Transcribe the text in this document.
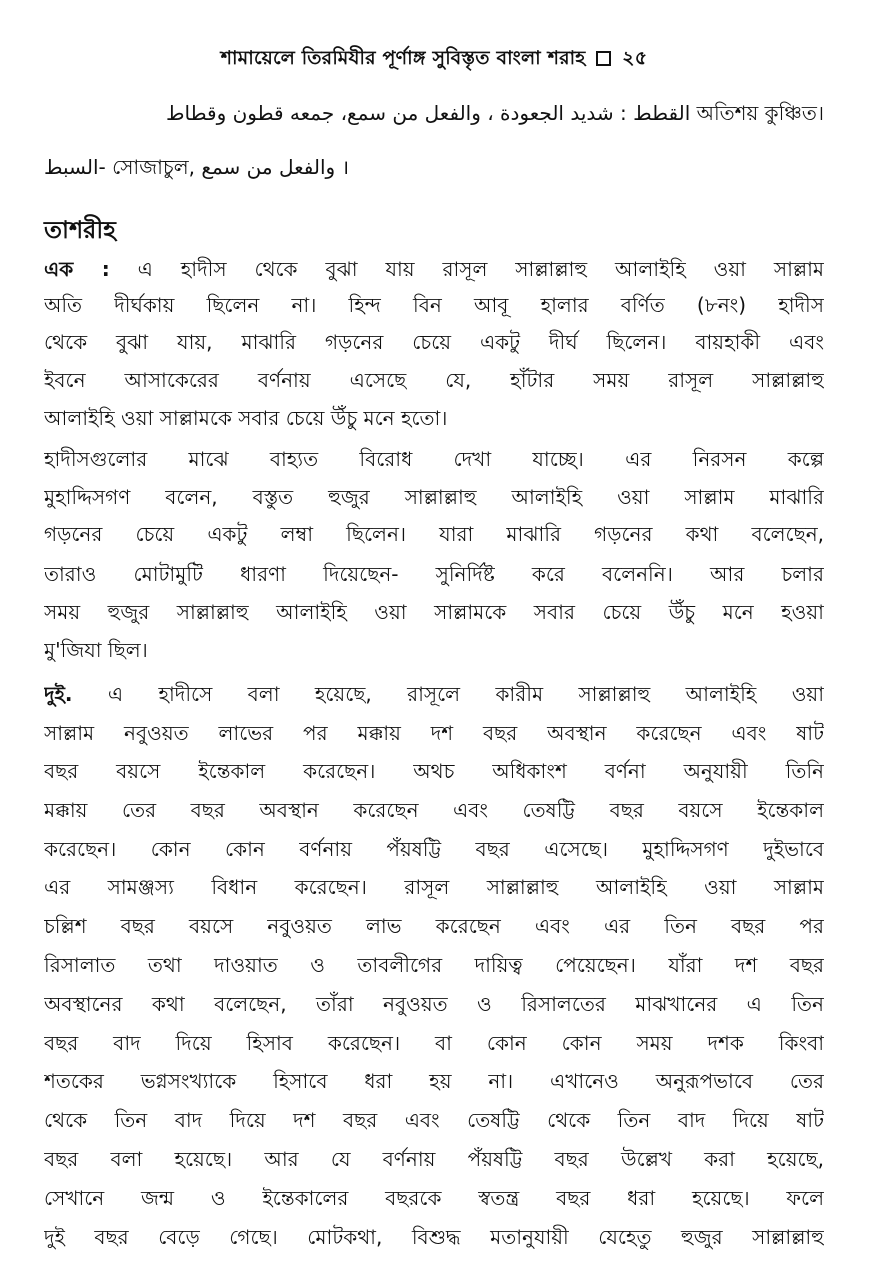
শামায়েলে তিরমিযীর পূর্ণাঙ্গ সুবিস্তৃত বাংলা শরাহ ২৫
القطط : شديد الجعودة ، والفعل من سمع، جمعه قطون وقطاط অতিশয় কুঞ্চিত।
السبط- সোজাচুল, والفعل من سمع ।
তাশরীহ
এক : এ হাদীস থেকে বুঝা যায় রাসূল সাল্লাল্লাহু আলাইহি ওয়া সাল্লাম
অতি দীর্ঘকায় ছিলেন না। হিন্দ বিন আবূ হালার বর্ণিত (৮নং) হাদীস
থেকে বুঝা যায়, মাঝারি গড়নের চেয়ে একটু দীর্ঘ ছিলেন। বায়হাকী এবং
ইবনে আসাকেরের বর্ণনায় এসেছে যে, হাঁটার সময় রাসূল সাল্লাল্লাহু
আলাইহি ওয়া সাল্লামকে সবার চেয়ে উঁচু মনে হতো।
হাদীসগুলোর মাঝে বাহ্যত বিরোধ দেখা যাচ্ছে। এর নিরসন কল্পে
মুহাদ্দিসগণ বলেন, বস্তুত হুজুর সাল্লাল্লাহু আলাইহি ওয়া সাল্লাম মাঝারি
গড়নের চেয়ে একটু লম্বা ছিলেন। যারা মাঝারি গড়নের কথা বলেছেন,
তারাও মোটামুটি ধারণা দিয়েছেন- সুনির্দিষ্ট করে বলেননি। আর চলার
সময় হুজুর সাল্লাল্লাহু আলাইহি ওয়া সাল্লামকে সবার চেয়ে উঁচু মনে হওয়া
মু'জিযা ছিল।
দুই. এ হাদীসে বলা হয়েছে, রাসূলে কারীম সাল্লাল্লাহু আলাইহি ওয়া
সাল্লাম নবুওয়ত লাভের পর মক্কায় দশ বছর অবস্থান করেছেন এবং ষাট
বছর বয়সে ইন্তেকাল করেছেন। অথচ অধিকাংশ বর্ণনা অনুযায়ী তিনি
মক্কায় তের বছর অবস্থান করেছেন এবং তেষট্টি বছর বয়সে ইন্তেকাল
করেছেন। কোন কোন বর্ণনায় পঁয়ষট্টি বছর এসেছে। মুহাদ্দিসগণ দুইভাবে
এর সামঞ্জস্য বিধান করেছেন। রাসূল সাল্লাল্লাহু আলাইহি ওয়া সাল্লাম
চল্লিশ বছর বয়সে নবুওয়ত লাভ করেছেন এবং এর তিন বছর পর
রিসালাত তথা দাওয়াত ও তাবলীগের দায়িত্ব পেয়েছেন। যাঁরা দশ বছর
অবস্থানের কথা বলেছেন, তাঁরা নবুওয়ত ও রিসালতের মাঝখানের এ তিন
বছর বাদ দিয়ে হিসাব করেছেন। বা কোন কোন সময় দশক কিংবা
শতকের ভগ্নসংখ্যাকে হিসাবে ধরা হয় না। এখানেও অনুরূপভাবে তের
থেকে তিন বাদ দিয়ে দশ বছর এবং তেষট্টি থেকে তিন বাদ দিয়ে ষাট
বছর বলা হয়েছে। আর যে বর্ণনায় পঁয়ষট্টি বছর উল্লেখ করা হয়েছে,
সেখানে জন্ম ও ইন্তেকালের বছরকে স্বতন্ত্র বছর ধরা হয়েছে। ফলে
দুই বছর বেড়ে গেছে। মোটকথা, বিশুদ্ধ মতানুযায়ী যেহেতু হুজুর সাল্লাল্লাহু
